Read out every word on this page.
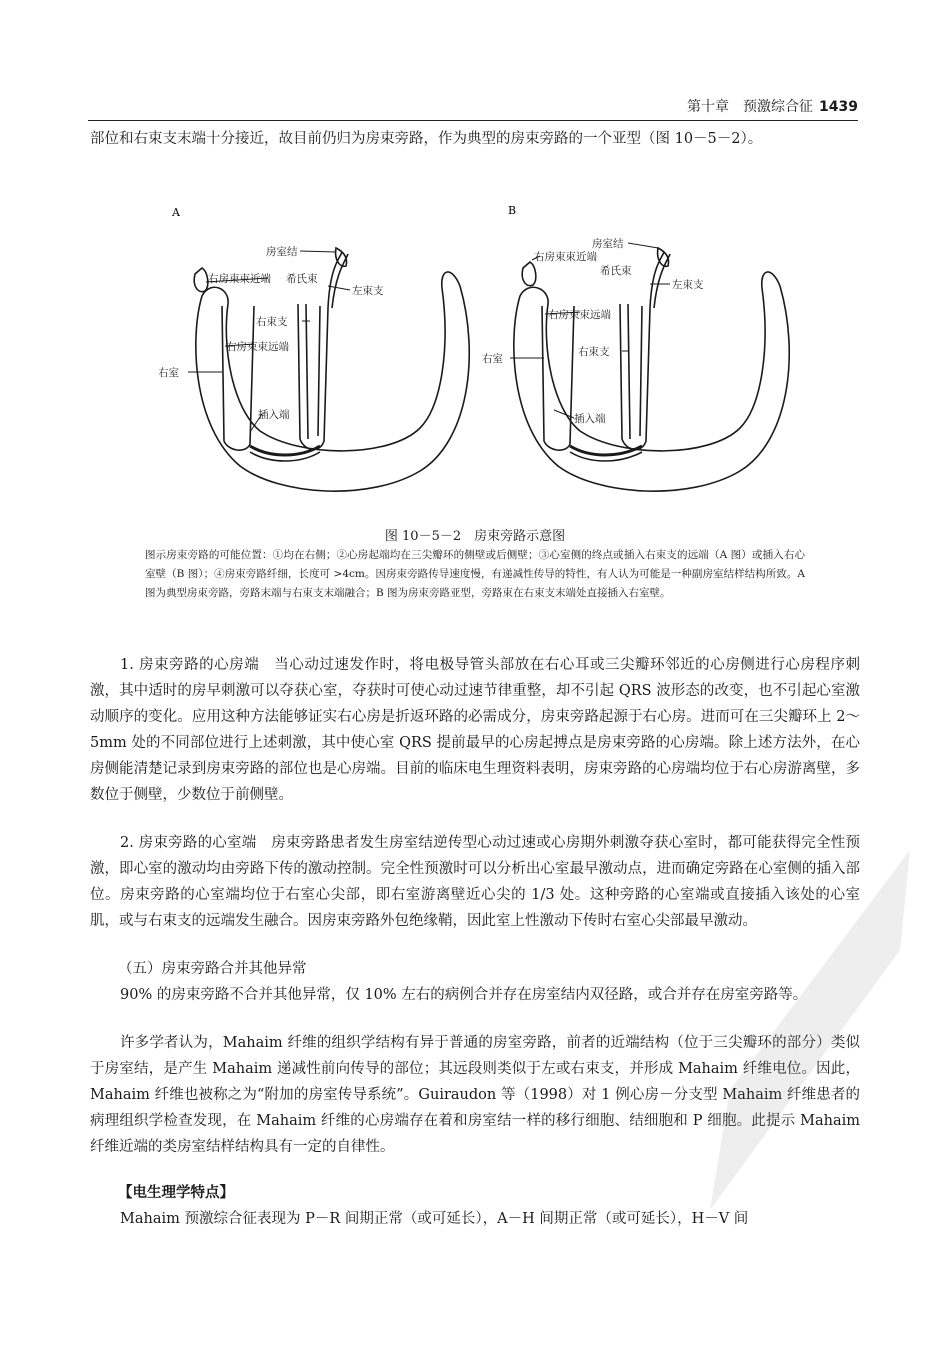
第十章　预激综合征 1439

部位和右束支末端十分接近，故目前仍归为房束旁路，作为典型的房束旁路的一个亚型（图 10－5－2）。

A	B
房室结
右房束束近端 希氏束
左束支
右束支
右房束束远端
右室
插入端
房室结
右房束束近端
希氏束
左束支
右房束束远端
右室
右束支
插入端

图 10－5－2　房束旁路示意图

图示房束旁路的可能位置：①均在右侧；②心房起端均在三尖瓣环的侧壁或后侧壁；③心室侧的终点或插入右束支的远端（A 图）或插入右心室壁（B 图）；④房束旁路纤细，长度可 >4cm。因房束旁路传导速度慢，有递减性传导的特性，有人认为可能是一种副房室结样结构所致。A 图为典型房束旁路，旁路末端与右束支末端融合；B 图为房束旁路亚型，旁路束在右束支末端处直接插入右室壁。

1. 房束旁路的心房端　当心动过速发作时，将电极导管头部放在右心耳或三尖瓣环邻近的心房侧进行心房程序刺激，其中适时的房早刺激可以夺获心室，夺获时可使心动过速节律重整，却不引起 QRS 波形态的改变，也不引起心室激动顺序的变化。应用这种方法能够证实右心房是折返环路的必需成分，房束旁路起源于右心房。进而可在三尖瓣环上 2～5mm 处的不同部位进行上述刺激，其中使心室 QRS 提前最早的心房起搏点是房束旁路的心房端。除上述方法外，在心房侧能清楚记录到房束旁路的部位也是心房端。目前的临床电生理资料表明，房束旁路的心房端均位于右心房游离壁，多数位于侧壁，少数位于前侧壁。

2. 房束旁路的心室端　房束旁路患者发生房室结逆传型心动过速或心房期外刺激夺获心室时，都可能获得完全性预激，即心室的激动均由旁路下传的激动控制。完全性预激时可以分析出心室最早激动点，进而确定旁路在心室侧的插入部位。房束旁路的心室端均位于右室心尖部，即右室游离壁近心尖的 1/3 处。这种旁路的心室端或直接插入该处的心室肌，或与右束支的远端发生融合。因房束旁路外包绝缘鞘，因此室上性激动下传时右室心尖部最早激动。

（五）房束旁路合并其他异常

90% 的房束旁路不合并其他异常，仅 10% 左右的病例合并存在房室结内双径路，或合并存在房室旁路等。

许多学者认为，Mahaim 纤维的组织学结构有异于普通的房室旁路，前者的近端结构（位于三尖瓣环的部分）类似于房室结，是产生 Mahaim 递减性前向传导的部位；其远段则类似于左或右束支，并形成 Mahaim 纤维电位。因此，Mahaim 纤维也被称之为“附加的房室传导系统”。Guiraudon 等（1998）对 1 例心房－分支型 Mahaim 纤维患者的病理组织学检查发现，在 Mahaim 纤维的心房端存在着和房室结一样的移行细胞、结细胞和 P 细胞。此提示 Mahaim 纤维近端的类房室结样结构具有一定的自律性。

【电生理学特点】

Mahaim 预激综合征表现为 P－R 间期正常（或可延长），A－H 间期正常（或可延长），H－V 间
